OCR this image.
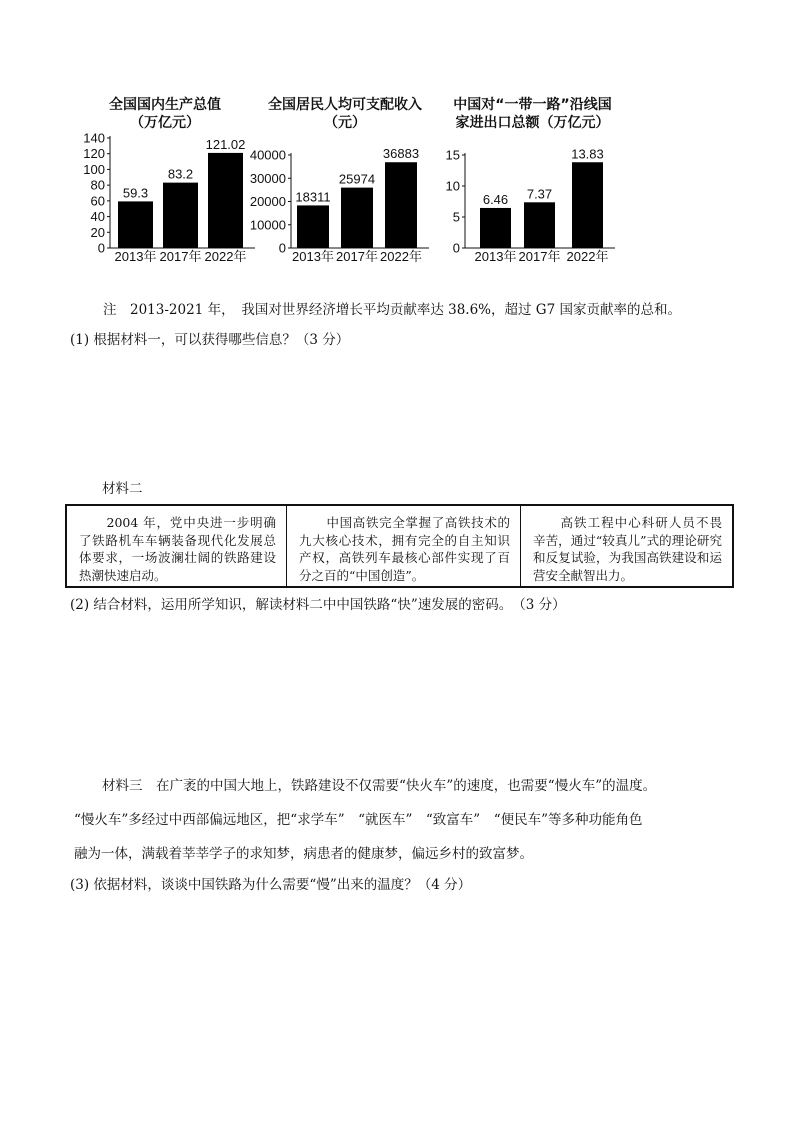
全国国内生产总值
（万亿元）
0
20
40
60
80
100
120
140
59.3
2013年
83.2
2017年
121.02
2022年
全国居民人均可支配收入
（元）
0
10000
20000
30000
40000
18311
2013年
25974
2017年
36883
2022年
中国对“一带一路”沿线国
家进出口总额（万亿元）
0
5
10
15
6.46
2013年
7.37
2017年
13.83
2022年
注　2013-2021 年，　我国对世界经济增长平均贡献率达 38.6%，超过 G7 国家贡献率的总和。
(1) 根据材料一，可以获得哪些信息？（3 分）
材料二
2004 年，党中央进一步明确了铁路机车车辆装备现代化发展总体要求，一场波澜壮阔的铁路建设热潮快速启动。
中国高铁完全掌握了高铁技术的九大核心技术，拥有完全的自主知识产权，高铁列车最核心部件实现了百分之百的“中国创造”。
高铁工程中心科研人员不畏辛苦，通过“较真儿”式的理论研究和反复试验，为我国高铁建设和运营安全献智出力。
(2) 结合材料，运用所学知识，解读材料二中中国铁路“快”速发展的密码。　（3 分）
材料三　在广袤的中国大地上，铁路建设不仅需要“快火车”的速度，也需要“慢火车”的温度。
“慢火车”多经过中西部偏远地区，把“求学车”　“就医车”　“致富车”　“便民车”等多种功能角色
融为一体，满载着莘莘学子的求知梦，病患者的健康梦，偏远乡村的致富梦。
(3) 依据材料，谈谈中国铁路为什么需要“慢”出来的温度？（4 分）
